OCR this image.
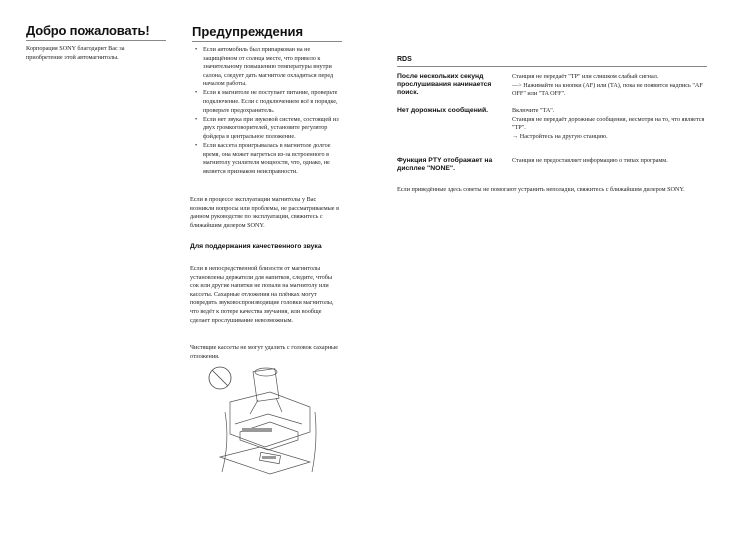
Добро пожаловать!
Корпорация SONY благодарит Вас за приобретение этой автомагнитолы.
Предупреждения
• Если автомобиль был припаркован на не защищённом от солнца месте, что привело к значительному повышению температуры внутри салона, следует дать магнитоле охладиться перед началом работы.
• Если к магнитоле не поступает питание, проверьте подключение. Если с подключением всё в порядке, проверьте предохранитель.
• Если нет звука при звуковой системе, состоящей из двух громкоговорителей, установите регулятор фэйдера в центральное положение.
• Если кассета проигрывалась в магнитоле долгое время, она может нагреться из-за встроенного в магнитолу усилителя мощности, что, однако, не является признаком неисправности.
Если в процессе эксплуатации магнитолы у Вас возникли вопросы или проблемы, не рассматриваемые в данном руководстве по эксплуатации, свяжитесь с ближайшим дилером SONY.
Для поддержания качественного звука
Если в непосредственной близости от магнитолы установлены держатели для напитков, следите, чтобы сок или другие напитки не попали на магнитолу или кассеты. Сахарные отложения на плёнках могут повредить звуковоспроизводящие головки магнитолы, что ведёт к потере качества звучания, или вообще сделает прослушивание невозможным.
Чистящие кассеты не могут удалить с головок сахарные отложения.
RDS
После нескольких секунд прослушивания начинается поиск.
Станция не передаёт "TP" или слишком слабый сигнал.
—> Нажимайте на кнопки (AF) или (TA), пока не появится надпись "AF OFF" или "TA OFF".
Нет дорожных сообщений.	Включите "TA".
Станция не передаёт дорожные сообщения, несмотря на то, что является "TP".
→ Настройтесь на другую станцию.
Функция PTY отображает на дисплее "NONE".
Станция не предоставляет информацию о типах программ.
Если приведённые здесь советы не помогают устранить неполадки, свяжитесь с ближайшим дилером SONY.
